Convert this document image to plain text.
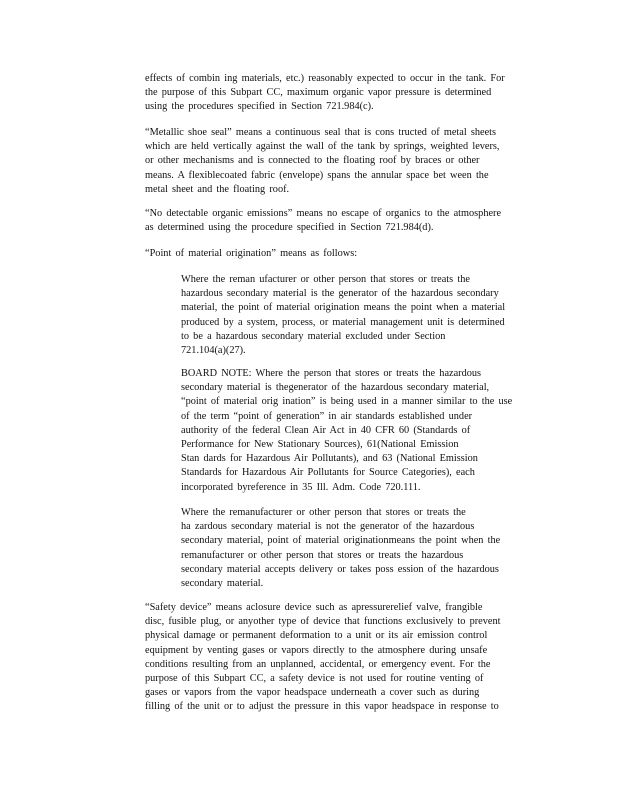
effects of combin ing materials, etc.) reasonably expected to occur in the tank. For
the purpose of this Subpart CC, maximum organic vapor pressure is determined
using the procedures specified in Section 721.984(c).

“Metallic shoe seal” means a continuous seal that is cons tructed of metal sheets
which are held vertically against the wall of the tank by springs, weighted levers,
or other mechanisms and is connected to the floating roof by braces or other
means. A flexiblecoated fabric (envelope) spans the annular space bet ween the
metal sheet and the floating roof.

“No detectable organic emissions” means no escape of organics to the atmosphere
as determined using the procedure specified in Section 721.984(d).

“Point of material origination” means as follows:

Where the reman ufacturer or other person that stores or treats the
hazardous secondary material is the generator of the hazardous secondary
material, the point of material origination means the point when a material
produced by a system, process, or material management unit is determined
to be a hazardous secondary material excluded under Section
721.104(a)(27).

BOARD NOTE: Where the person that stores or treats the hazardous
secondary material is thegenerator of the hazardous secondary material,
“point of material orig ination” is being used in a manner similar to the use
of the term “point of generation” in air standards established under
authority of the federal Clean Air Act in 40 CFR 60 (Standards of
Performance for New Stationary Sources), 61(National Emission
Stan dards for Hazardous Air Pollutants), and 63 (National Emission
Standards for Hazardous Air Pollutants for Source Categories), each
incorporated byreference in 35 Ill. Adm. Code 720.111.

Where the remanufacturer or other person that stores or treats the
ha zardous secondary material is not the generator of the hazardous
secondary material, point of material originationmeans the point when the
remanufacturer or other person that stores or treats the hazardous
secondary material accepts delivery or takes poss ession of the hazardous
secondary material.

“Safety device” means aclosure device such as apressurerelief valve, frangible
disc, fusible plug, or anyother type of device that functions exclusively to prevent
physical damage or permanent deformation to a unit or its air emission control
equipment by venting gases or vapors directly to the atmosphere during unsafe
conditions resulting from an unplanned, accidental, or emergency event. For the
purpose of this Subpart CC, a safety device is not used for routine venting of
gases or vapors from the vapor headspace underneath a cover such as during
filling of the unit or to adjust the pressure in this vapor headspace in response to
